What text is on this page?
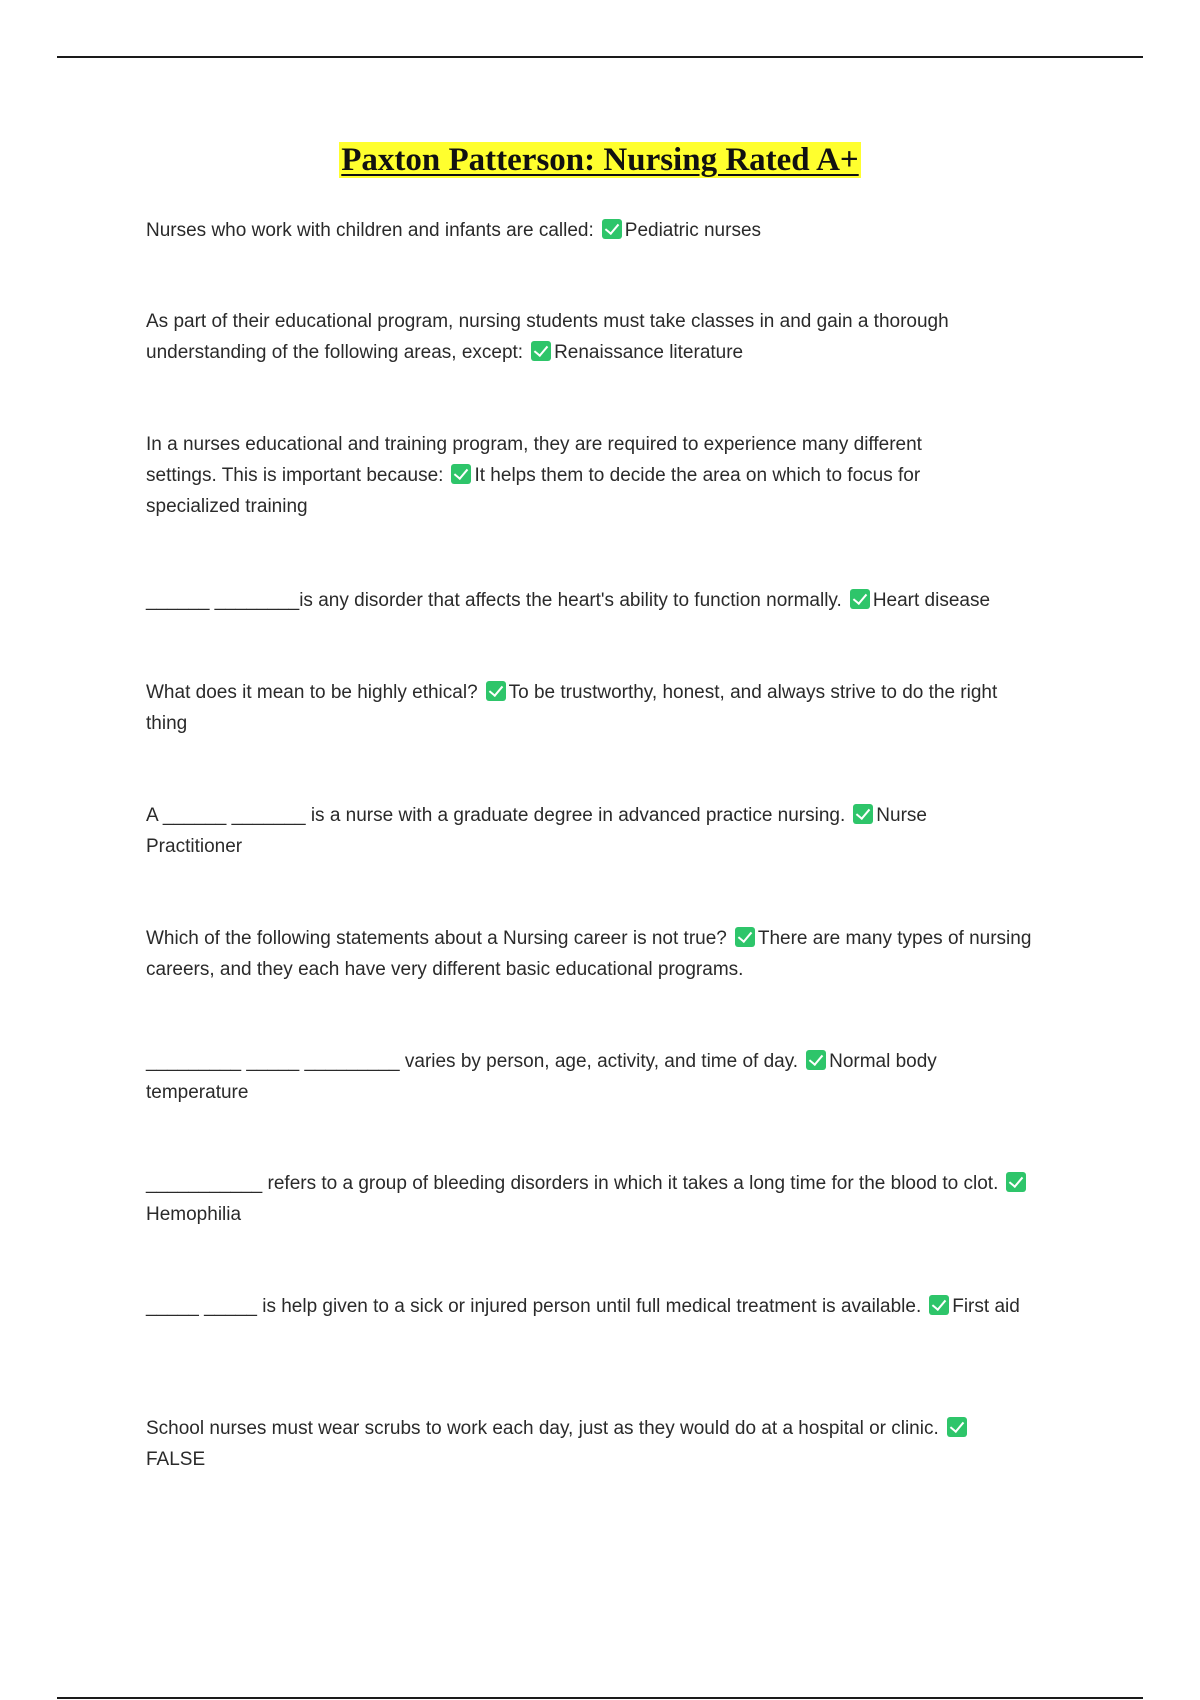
Paxton Patterson: Nursing Rated A+
Nurses who work with children and infants are called: Pediatric nurses
As part of their educational program, nursing students must take classes in and gain a thorough understanding of the following areas, except: Renaissance literature
In a nurses educational and training program, they are required to experience many different settings. This is important because: It helps them to decide the area on which to focus for specialized training
______ ________is any disorder that affects the heart's ability to function normally. Heart disease
What does it mean to be highly ethical? To be trustworthy, honest, and always strive to do the right thing
A ______ _______ is a nurse with a graduate degree in advanced practice nursing. Nurse Practitioner
Which of the following statements about a Nursing career is not true? There are many types of nursing careers, and they each have very different basic educational programs.
_________ _____ _________ varies by person, age, activity, and time of day. Normal body temperature
___________ refers to a group of bleeding disorders in which it takes a long time for the blood to clot.Hemophilia
_____ _____ is help given to a sick or injured person until full medical treatment is available. First aid
School nurses must wear scrubs to work each day, just as they would do at a hospital or clinic.FALSE
